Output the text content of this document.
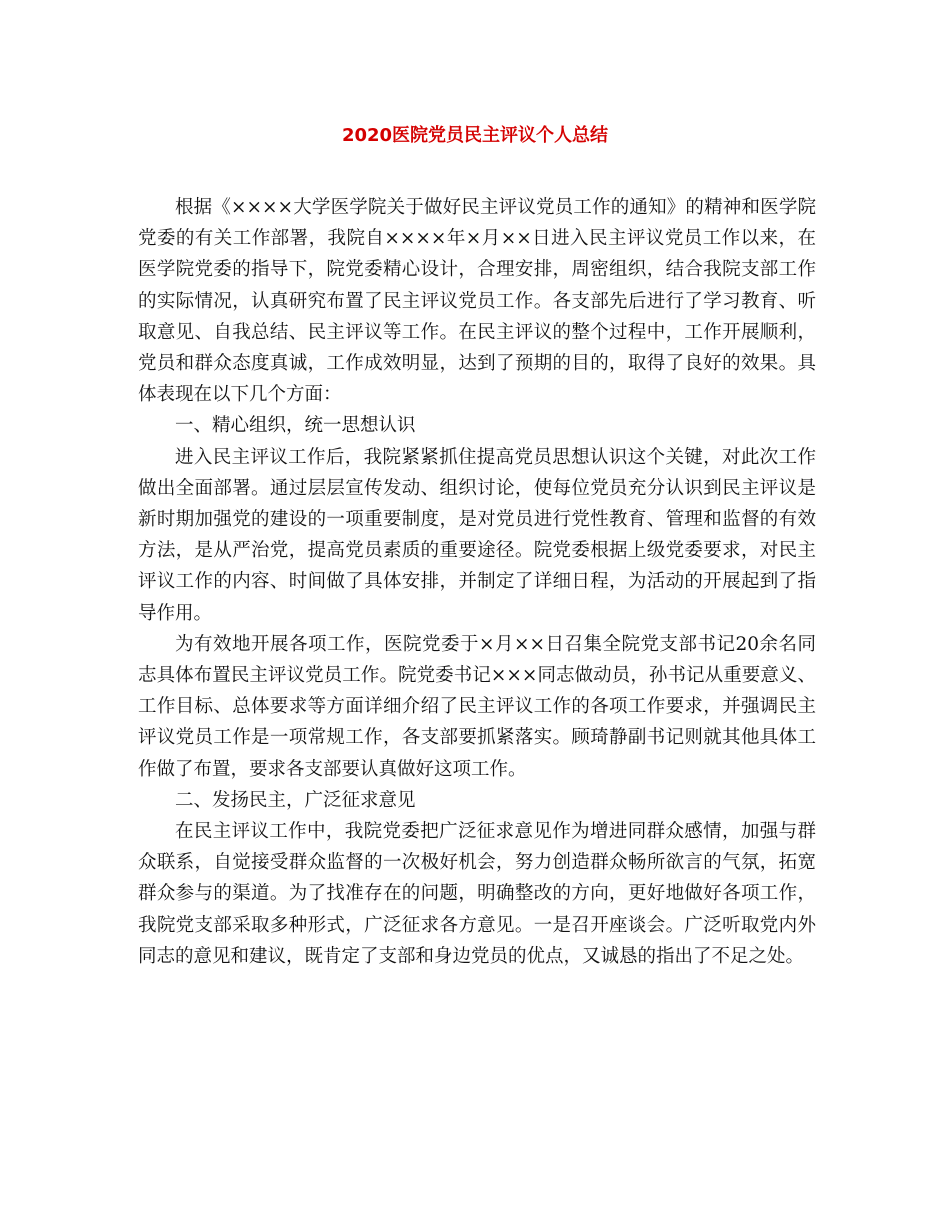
2020医院党员民主评议个人总结

根据《××××大学医学院关于做好民主评议党员工作的通知》的精神和医学院党委的有关工作部署，我院自××××年×月××日进入民主评议党员工作以来，在医学院党委的指导下，院党委精心设计，合理安排，周密组织，结合我院支部工作的实际情况，认真研究布置了民主评议党员工作。各支部先后进行了学习教育、听取意见、自我总结、民主评议等工作。在民主评议的整个过程中，工作开展顺利，党员和群众态度真诚，工作成效明显，达到了预期的目的，取得了良好的效果。具体表现在以下几个方面：

一、精心组织，统一思想认识

进入民主评议工作后，我院紧紧抓住提高党员思想认识这个关键，对此次工作做出全面部署。通过层层宣传发动、组织讨论，使每位党员充分认识到民主评议是新时期加强党的建设的一项重要制度，是对党员进行党性教育、管理和监督的有效方法，是从严治党，提高党员素质的重要途径。院党委根据上级党委要求，对民主评议工作的内容、时间做了具体安排，并制定了详细日程，为活动的开展起到了指导作用。

为有效地开展各项工作，医院党委于×月××日召集全院党支部书记20余名同志具体布置民主评议党员工作。院党委书记×××同志做动员，孙书记从重要意义、工作目标、总体要求等方面详细介绍了民主评议工作的各项工作要求，并强调民主评议党员工作是一项常规工作，各支部要抓紧落实。顾琦静副书记则就其他具体工作做了布置，要求各支部要认真做好这项工作。

二、发扬民主，广泛征求意见

在民主评议工作中，我院党委把广泛征求意见作为增进同群众感情，加强与群众联系，自觉接受群众监督的一次极好机会，努力创造群众畅所欲言的气氛，拓宽群众参与的渠道。为了找准存在的问题，明确整改的方向，更好地做好各项工作，我院党支部采取多种形式，广泛征求各方意见。一是召开座谈会。广泛听取党内外同志的意见和建议，既肯定了支部和身边党员的优点，又诚恳的指出了不足之处。
